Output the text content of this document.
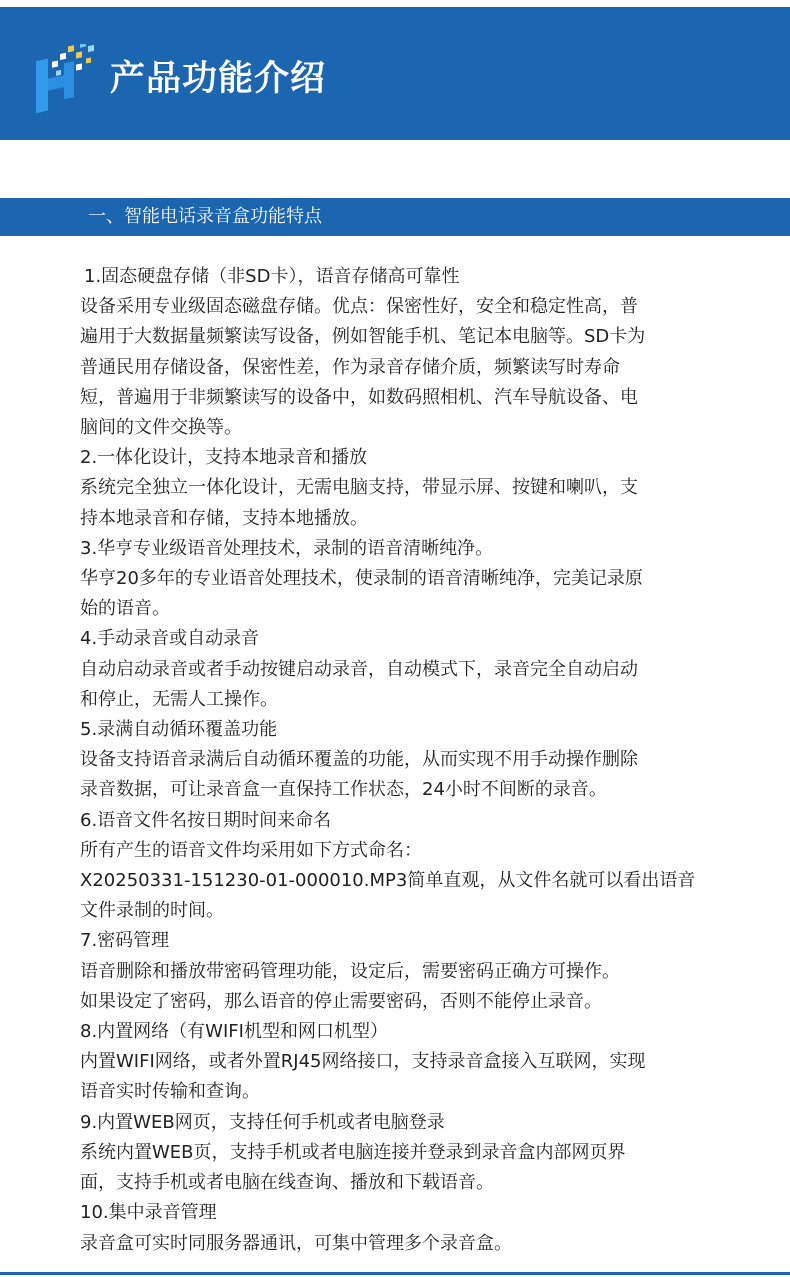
产品功能介绍
一、智能电话录音盒功能特点

1.固态硬盘存储（非SD卡），语音存储高可靠性

设备采用专业级固态磁盘存储。优点：保密性好，安全和稳定性高，普

遍用于大数据量频繁读写设备，例如智能手机、笔记本电脑等。SD卡为

普通民用存储设备，保密性差，作为录音存储介质，频繁读写时寿命

短，普遍用于非频繁读写的设备中，如数码照相机、汽车导航设备、电

脑间的文件交换等。

2.一体化设计，支持本地录音和播放

系统完全独立一体化设计，无需电脑支持，带显示屏、按键和喇叭，支

持本地录音和存储，支持本地播放。

3.华亨专业级语音处理技术，录制的语音清晰纯净。

华亨20多年的专业语音处理技术，使录制的语音清晰纯净，完美记录原

始的语音。

4.手动录音或自动录音

自动启动录音或者手动按键启动录音，自动模式下，录音完全自动启动

和停止，无需人工操作。

5.录满自动循环覆盖功能

设备支持语音录满后自动循环覆盖的功能，从而实现不用手动操作删除

录音数据，可让录音盒一直保持工作状态，24小时不间断的录音。

6.语音文件名按日期时间来命名

所有产生的语音文件均采用如下方式命名：

X20250331-151230-01-000010.MP3简单直观，从文件名就可以看出语音

文件录制的时间。

7.密码管理

语音删除和播放带密码管理功能，设定后，需要密码正确方可操作。

如果设定了密码，那么语音的停止需要密码，否则不能停止录音。

8.内置网络（有WIFI机型和网口机型）

内置WIFI网络，或者外置RJ45网络接口，支持录音盒接入互联网，实现

语音实时传输和查询。

9.内置WEB网页，支持任何手机或者电脑登录

系统内置WEB页，支持手机或者电脑连接并登录到录音盒内部网页界

面，支持手机或者电脑在线查询、播放和下载语音。

10.集中录音管理

录音盒可实时同服务器通讯，可集中管理多个录音盒。
